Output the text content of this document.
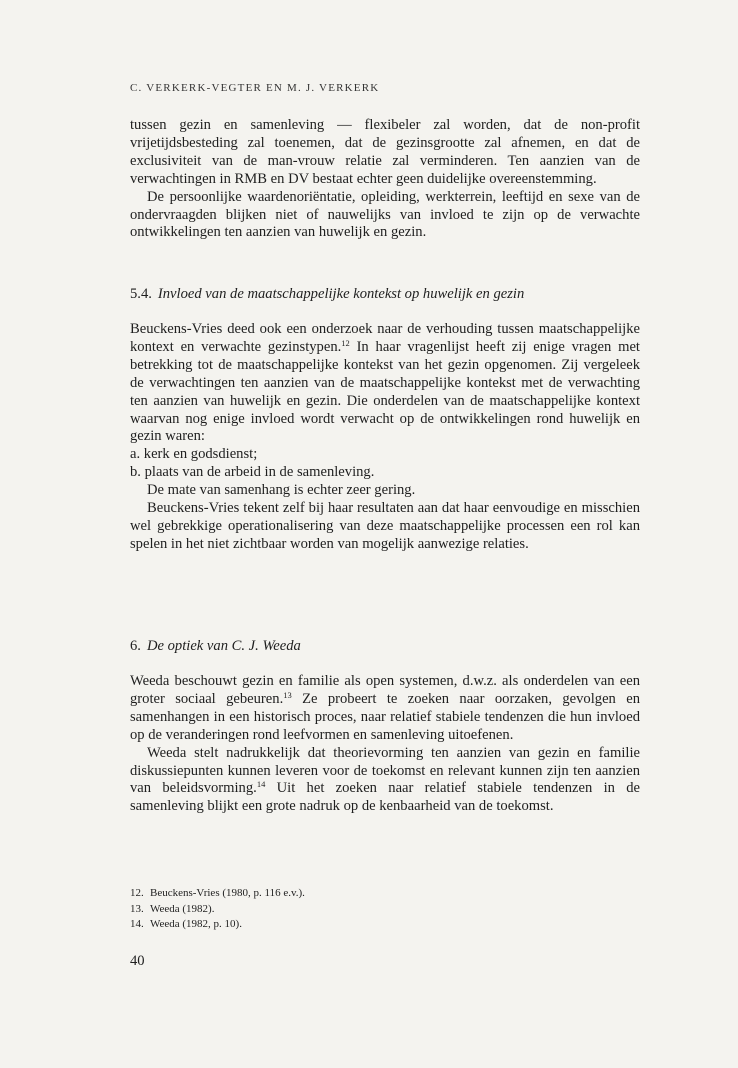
C. VERKERK-VEGTER EN M. J. VERKERK

tussen gezin en samenleving — flexibeler zal worden, dat de non-profit vrijetijdsbesteding zal toenemen, dat de gezinsgrootte zal afnemen, en dat de exclusiviteit van de man-vrouw relatie zal verminderen. Ten aanzien van de verwachtingen in RMB en DV bestaat echter geen duidelijke overeenstemming.

De persoonlijke waardenoriëntatie, opleiding, werkterrein, leeftijd en sexe van de ondervraagden blijken niet of nauwelijks van invloed te zijn op de verwachte ontwikkelingen ten aanzien van huwelijk en gezin.

5.4. Invloed van de maatschappelijke kontekst op huwelijk en gezin

Beuckens-Vries deed ook een onderzoek naar de verhouding tussen maatschappelijke kontext en verwachte gezinstypen.$^{12}$ In haar vragenlijst heeft zij enige vragen met betrekking tot de maatschappelijke kontekst van het gezin opgenomen. Zij vergeleek de verwachtingen ten aanzien van de maatschappelijke kontekst met de verwachting ten aanzien van huwelijk en gezin. Die onderdelen van de maatschappelijke kontext waarvan nog enige invloed wordt verwacht op de ontwikkelingen rond huwelijk en gezin waren:

a. kerk en godsdienst;

b. plaats van de arbeid in de samenleving.

De mate van samenhang is echter zeer gering.

Beuckens-Vries tekent zelf bij haar resultaten aan dat haar eenvoudige en misschien wel gebrekkige operationalisering van deze maatschappelijke processen een rol kan spelen in het niet zichtbaar worden van mogelijk aanwezige relaties.

6. De optiek van C. J. Weeda

Weeda beschouwt gezin en familie als open systemen, d.w.z. als onderdelen van een groter sociaal gebeuren.$^{13}$ Ze probeert te zoeken naar oorzaken, gevolgen en samenhangen in een historisch proces, naar relatief stabiele tendenzen die hun invloed op de veranderingen rond leefvormen en samenleving uitoefenen.

Weeda stelt nadrukkelijk dat theorievorming ten aanzien van gezin en familie diskussiepunten kunnen leveren voor de toekomst en relevant kunnen zijn ten aanzien van beleidsvorming.$^{14}$ Uit het zoeken naar relatief stabiele tendenzen in de samenleving blijkt een grote nadruk op de kenbaarheid van de toekomst.

12. Beuckens-Vries (1980, p. 116 e.v.).
13. Weeda (1982).
14. Weeda (1982, p. 10).
40
